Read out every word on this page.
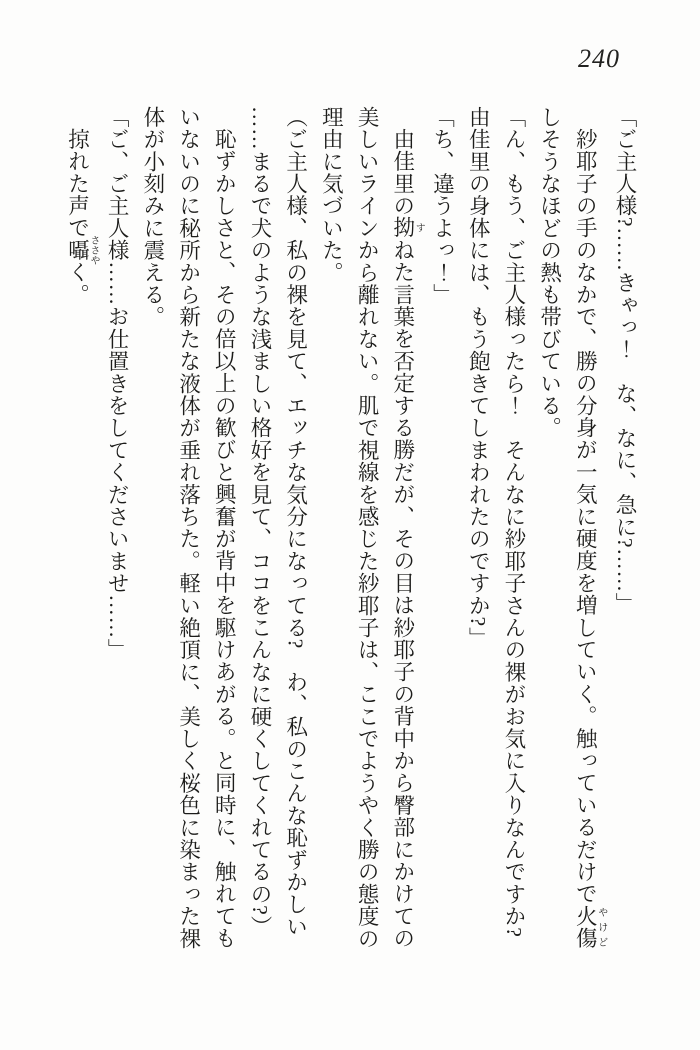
240

「ご主人様?……きゃっ！　な、なに、急に?……」

紗耶子の手のなかで、勝の分身が一気に硬度を増していく。触っているだけで火傷やけど

しそうなほどの熱も帯びている。

「ん、もう、ご主人様ったら！　そんなに紗耶子さんの裸がお気に入りなんですか?

由佳里の身体には、もう飽きてしまわれたのですか?」

「ち、違うよっ！」

由佳里の拗すねた言葉を否定する勝だが、その目は紗耶子の背中から臀部にかけての

美しいラインから離れない。肌で視線を感じた紗耶子は、ここでようやく勝の態度の

理由に気づいた。

（ご主人様、私の裸を見て、エッチな気分になってる?　わ、私のこんな恥ずかしい

……まるで犬のような浅ましい格好を見て、ココをこんなに硬くしてくれてるの?）

恥ずかしさと、その倍以上の歓びと興奮が背中を駆けあがる。と同時に、触れても

いないのに秘所から新たな液体が垂れ落ちた。軽い絶頂に、美しく桜色に染まった裸

体が小刻みに震える。

「ご、ご主人様……お仕置きをしてくださいませ……」

掠れた声で囁ささやく。
